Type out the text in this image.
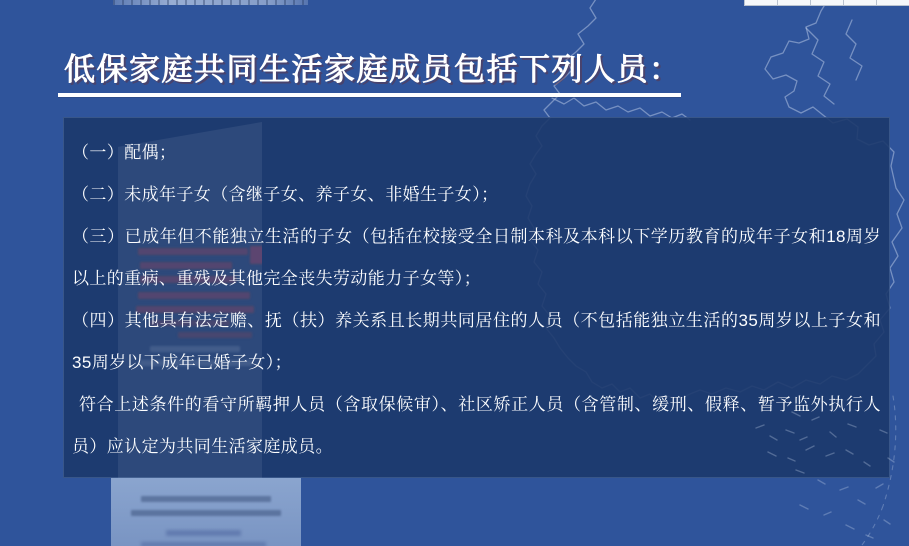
低保家庭共同生活家庭成员包括下列人员：

（一）配偶；

（二）未成年子女（含继子女、养子女、非婚生子女）；

（三）已成年但不能独立生活的子女（包括在校接受全日制本科及本科以下学历教育的成年子女和18周岁以上的重病、重残及其他完全丧失劳动能力子女等）；

（四）其他具有法定赡、抚（扶）养关系且长期共同居住的人员（不包括能独立生活的35周岁以上子女和35周岁以下成年已婚子女）；

符合上述条件的看守所羁押人员（含取保候审）、社区矫正人员（含管制、缓刑、假释、暂予监外执行人员）应认定为共同生活家庭成员。
